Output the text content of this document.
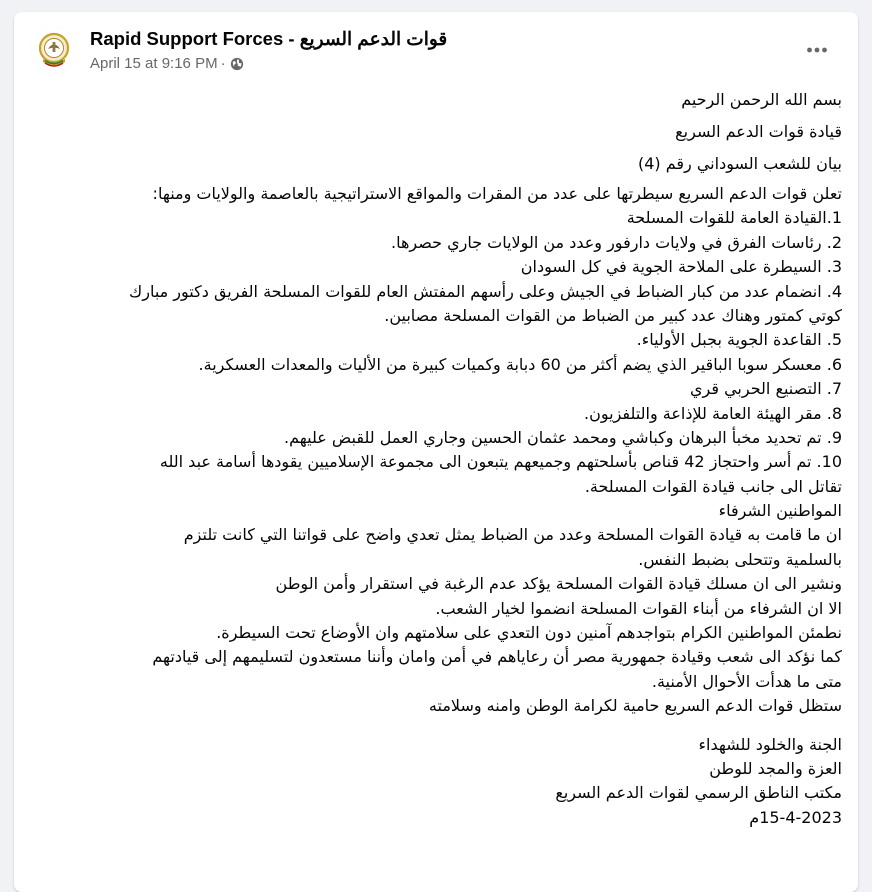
Rapid Support Forces - قوات الدعم السريع
April 15 at 9:16 PM ·
بسم الله الرحمن الرحيم
قيادة قوات الدعم السريع
بيان للشعب السوداني رقم (4)
تعلن قوات الدعم السريع سيطرتها على عدد من المقرات والمواقع الاستراتيجية بالعاصمة والولايات ومنها:
1.القيادة العامة للقوات المسلحة
2. رئاسات الفرق في ولايات دارفور وعدد من الولايات جاري حصرها.
3. السيطرة على الملاحة الجوية في كل السودان
4. انضمام عدد من كبار الضباط في الجيش وعلى رأسهم المفتش العام للقوات المسلحة الفريق دكتور مبارك
كوتي كمتور وهناك عدد كبير من الضباط من القوات المسلحة مصابين.
5. القاعدة الجوية بجبل الأولياء.
6. معسكر سوبا الباقير الذي يضم أكثر من 60 دبابة وكميات كبيرة من الأليات والمعدات العسكرية.
7. التصنيع الحربي قري
8. مقر الهيئة العامة للإذاعة والتلفزيون.
9. تم تحديد مخبأ البرهان وكباشي ومحمد عثمان الحسين وجاري العمل للقبض عليهم.
10. تم أسر واحتجاز 42 قناص بأسلحتهم وجميعهم يتبعون الى مجموعة الإسلاميين يقودها أسامة عبد الله
تقاتل الى جانب قيادة القوات المسلحة.
المواطنين الشرفاء
ان ما قامت به قيادة القوات المسلحة وعدد من الضباط يمثل تعدي واضح على قواتنا التي كانت تلتزم
بالسلمية وتتحلى بضبط النفس.
ونشير الى ان مسلك قيادة القوات المسلحة يؤكد عدم الرغبة في استقرار وأمن الوطن
الا ان الشرفاء من أبناء القوات المسلحة انضموا لخيار الشعب.
نطمئن المواطنين الكرام بتواجدهم آمنين دون التعدي على سلامتهم وان الأوضاع تحت السيطرة.
كما نؤكد الى شعب وقيادة جمهورية مصر أن رعاياهم في أمن وامان وأننا مستعدون لتسليمهم إلى قيادتهم
متى ما هدأت الأحوال الأمنية.
ستظل قوات الدعم السريع حامية لكرامة الوطن وامنه وسلامته
الجنة والخلود للشهداء
العزة والمجد للوطن
مكتب الناطق الرسمي لقوات الدعم السريع
15-4-2023م
